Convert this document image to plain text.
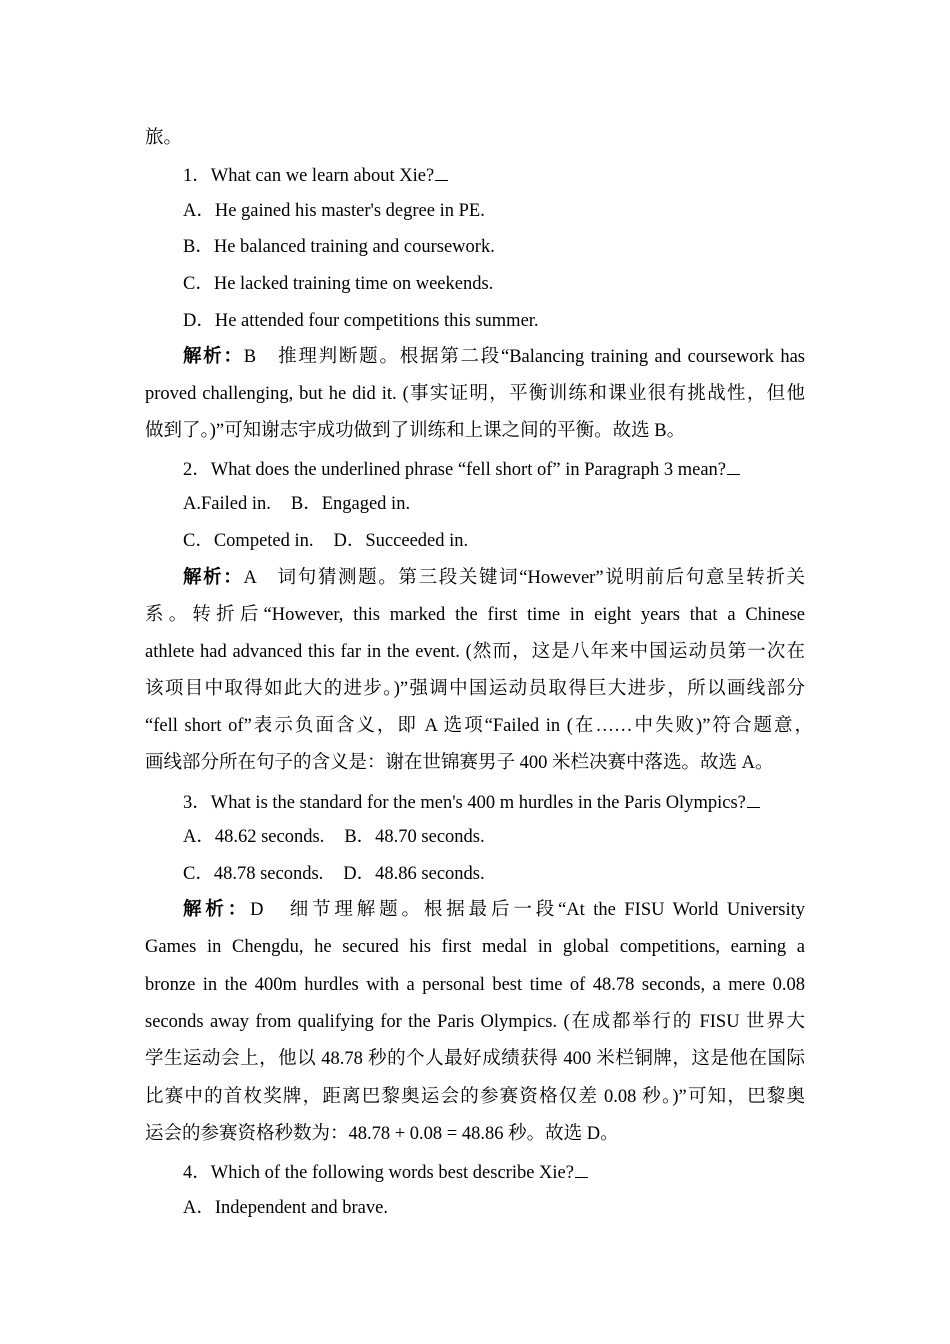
旅。

1．What can we learn about Xie?

A．He gained his master's degree in PE.

B．He balanced training and coursework.

C．He lacked training time on weekends.

D．He attended four competitions this summer.

解析：B　推理判断题。根据第二段“Balancing training and coursework has

proved challenging, but he did it. (事实证明，平衡训练和课业很有挑战性，但他

做到了。)”可知谢志宇成功做到了训练和上课之间的平衡。故选 B。

2．What does the underlined phrase “fell short of” in Paragraph 3 mean?

A.Failed in. B．Engaged in.

C．Competed in. D．Succeeded in.

解析：A　词句猜测题。第三段关键词“However”说明前后句意呈转折关

系。转折后“However, this marked the first time in eight years that a Chinese

athlete had advanced this far in the event. (然而，这是八年来中国运动员第一次在

该项目中取得如此大的进步。)”强调中国运动员取得巨大进步，所以画线部分

“fell short of”表示负面含义，即 A 选项“Failed in (在……中失败)”符合题意，

画线部分所在句子的含义是：谢在世锦赛男子 400 米栏决赛中落选。故选 A。

3．What is the standard for the men's 400 m hurdles in the Paris Olympics?

A．48.62 seconds. B．48.70 seconds.

C．48.78 seconds. D．48.86 seconds.

解析：D　细节理解题。根据最后一段“At the FISU World University

Games in Chengdu, he secured his first medal in global competitions, earning a

bronze in the 400m hurdles with a personal best time of 48.78 seconds, a mere 0.08

seconds away from qualifying for the Paris Olympics. (在成都举行的 FISU 世界大

学生运动会上，他以 48.78 秒的个人最好成绩获得 400 米栏铜牌，这是他在国际

比赛中的首枚奖牌，距离巴黎奥运会的参赛资格仅差 0.08 秒。)”可知，巴黎奥

运会的参赛资格秒数为：48.78 + 0.08 = 48.86 秒。故选 D。

4．Which of the following words best describe Xie?

A．Independent and brave.
